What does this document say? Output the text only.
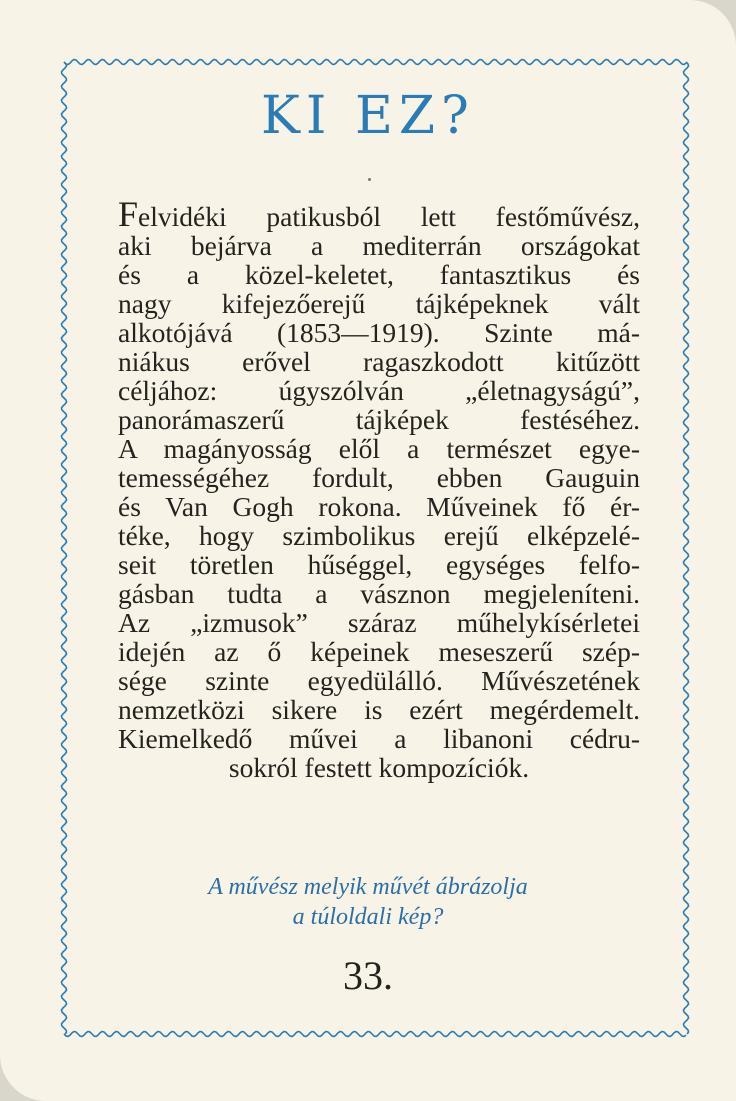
KI EZ?
Felvidéki patikusból lett festőművész,
aki bejárva a mediterrán országokat
és a közel-keletet, fantasztikus és
nagy kifejezőerejű tájképeknek vált
alkotójává (1853—1919). Szinte má-
niákus erővel ragaszkodott kitűzött
céljához: úgyszólván „életnagyságú”,
panorámaszerű tájképek festéséhez.
A magányosság elől a természet egye-
temességéhez fordult, ebben Gauguin
és Van Gogh rokona. Műveinek fő ér-
téke, hogy szimbolikus erejű elképzelé-
seit töretlen hűséggel, egységes felfo-
gásban tudta a vásznon megjeleníteni.
Az „izmusok” száraz műhelykísérletei
idején az ő képeinek meseszerű szép-
sége szinte egyedülálló. Művészetének
nemzetközi sikere is ezért megérdemelt.
Kiemelkedő művei a libanoni cédru-
sokról festett kompozíciók.
A művész melyik művét ábrázolja
a túloldali kép?
33.
